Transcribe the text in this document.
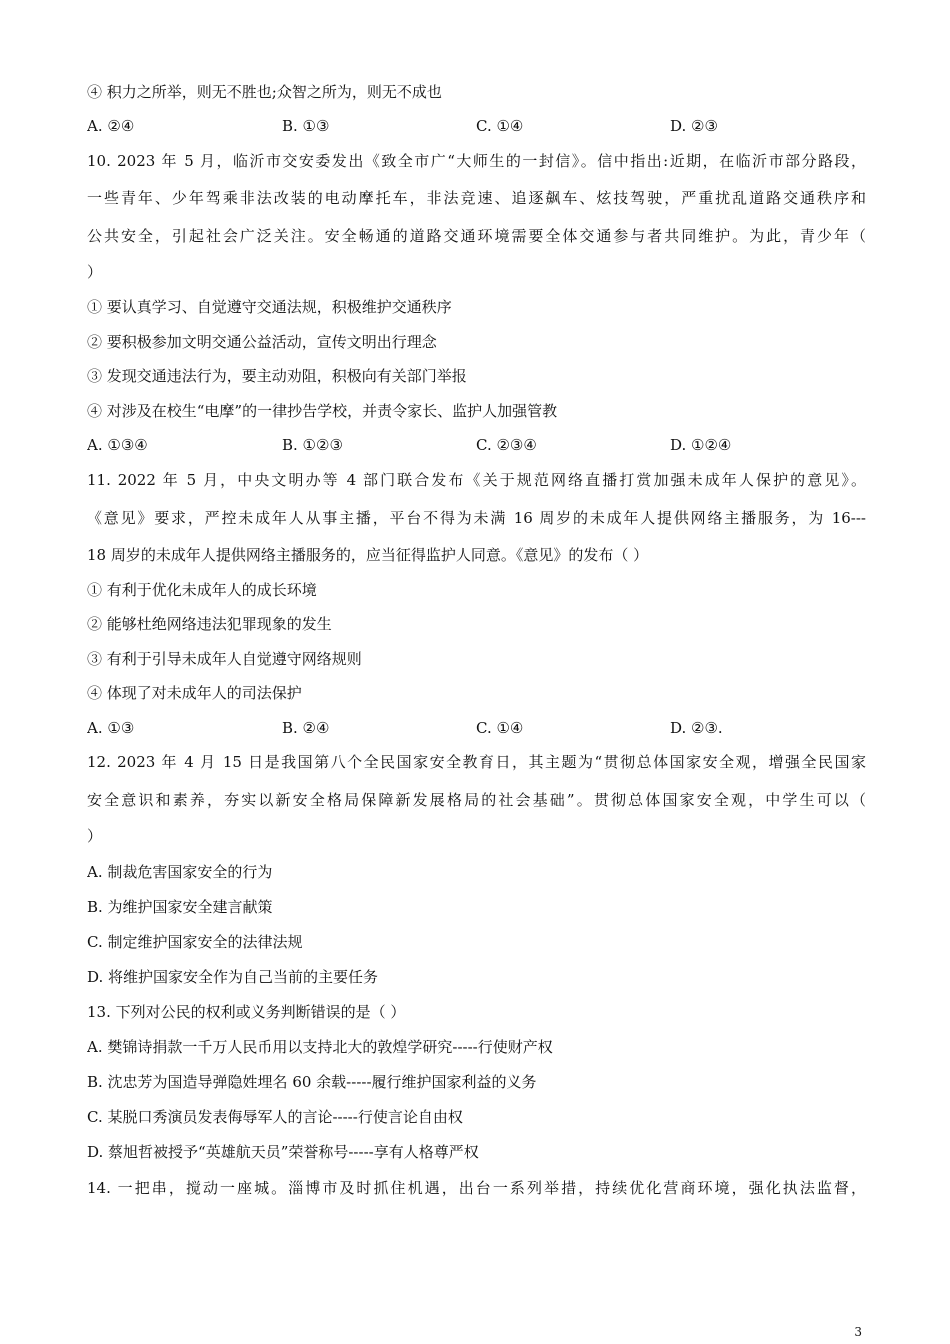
④ 积力之所举，则无不胜也;众智之所为，则无不成也
A. ②④	B. ①③	C. ①④	D. ②③
10. 2023 年 5 月，临沂市交安委发出《致全市广“大师生的一封信》。信中指出:近期，在临沂市部分路段，
一些青年、少年驾乘非法改装的电动摩托车，非法竞速、追逐飙车、炫技驾驶，严重扰乱道路交通秩序和
公共安全，引起社会广泛关注。安全畅通的道路交通环境需要全体交通参与者共同维护。为此，青少年（
）
① 要认真学习、自觉遵守交通法规，积极维护交通秩序
② 要积极参加文明交通公益活动，宣传文明出行理念
③ 发现交通违法行为，要主动劝阻，积极向有关部门举报
④ 对涉及在校生“电摩”的一律抄告学校，并责令家长、监护人加强管教
A. ①③④	B. ①②③	C. ②③④	D. ①②④
11. 2022 年 5 月，中央文明办等 4 部门联合发布《关于规范网络直播打赏加强未成年人保护的意见》。
《意见》要求，严控未成年人从事主播，平台不得为未满 16 周岁的未成年人提供网络主播服务，为 16---
18 周岁的未成年人提供网络主播服务的，应当征得监护人同意。《意见》的发布（ ）
① 有利于优化未成年人的成长环境
② 能够杜绝网络违法犯罪现象的发生
③ 有利于引导未成年人自觉遵守网络规则
④ 体现了对未成年人的司法保护
A. ①③	B. ②④	C. ①④	D. ②③.
12. 2023 年 4 月 15 日是我国第八个全民国家安全教育日，其主题为“贯彻总体国家安全观，增强全民国家
安全意识和素养，夯实以新安全格局保障新发展格局的社会基础”。贯彻总体国家安全观，中学生可以（
）
A. 制裁危害国家安全的行为
B. 为维护国家安全建言献策
C. 制定维护国家安全的法律法规
D. 将维护国家安全作为自己当前的主要任务
13. 下列对公民的权利或义务判断错误的是（ ）
A. 樊锦诗捐款一千万人民币用以支持北大的敦煌学研究-----行使财产权
B. 沈忠芳为国造导弹隐姓埋名 60 余载-----履行维护国家利益的义务
C. 某脱口秀演员发表侮辱军人的言论-----行使言论自由权
D. 蔡旭哲被授予“英雄航天员”荣誉称号-----享有人格尊严权
14. 一把串，搅动一座城。淄博市及时抓住机遇，出台一系列举措，持续优化营商环境，强化执法监督，
3
